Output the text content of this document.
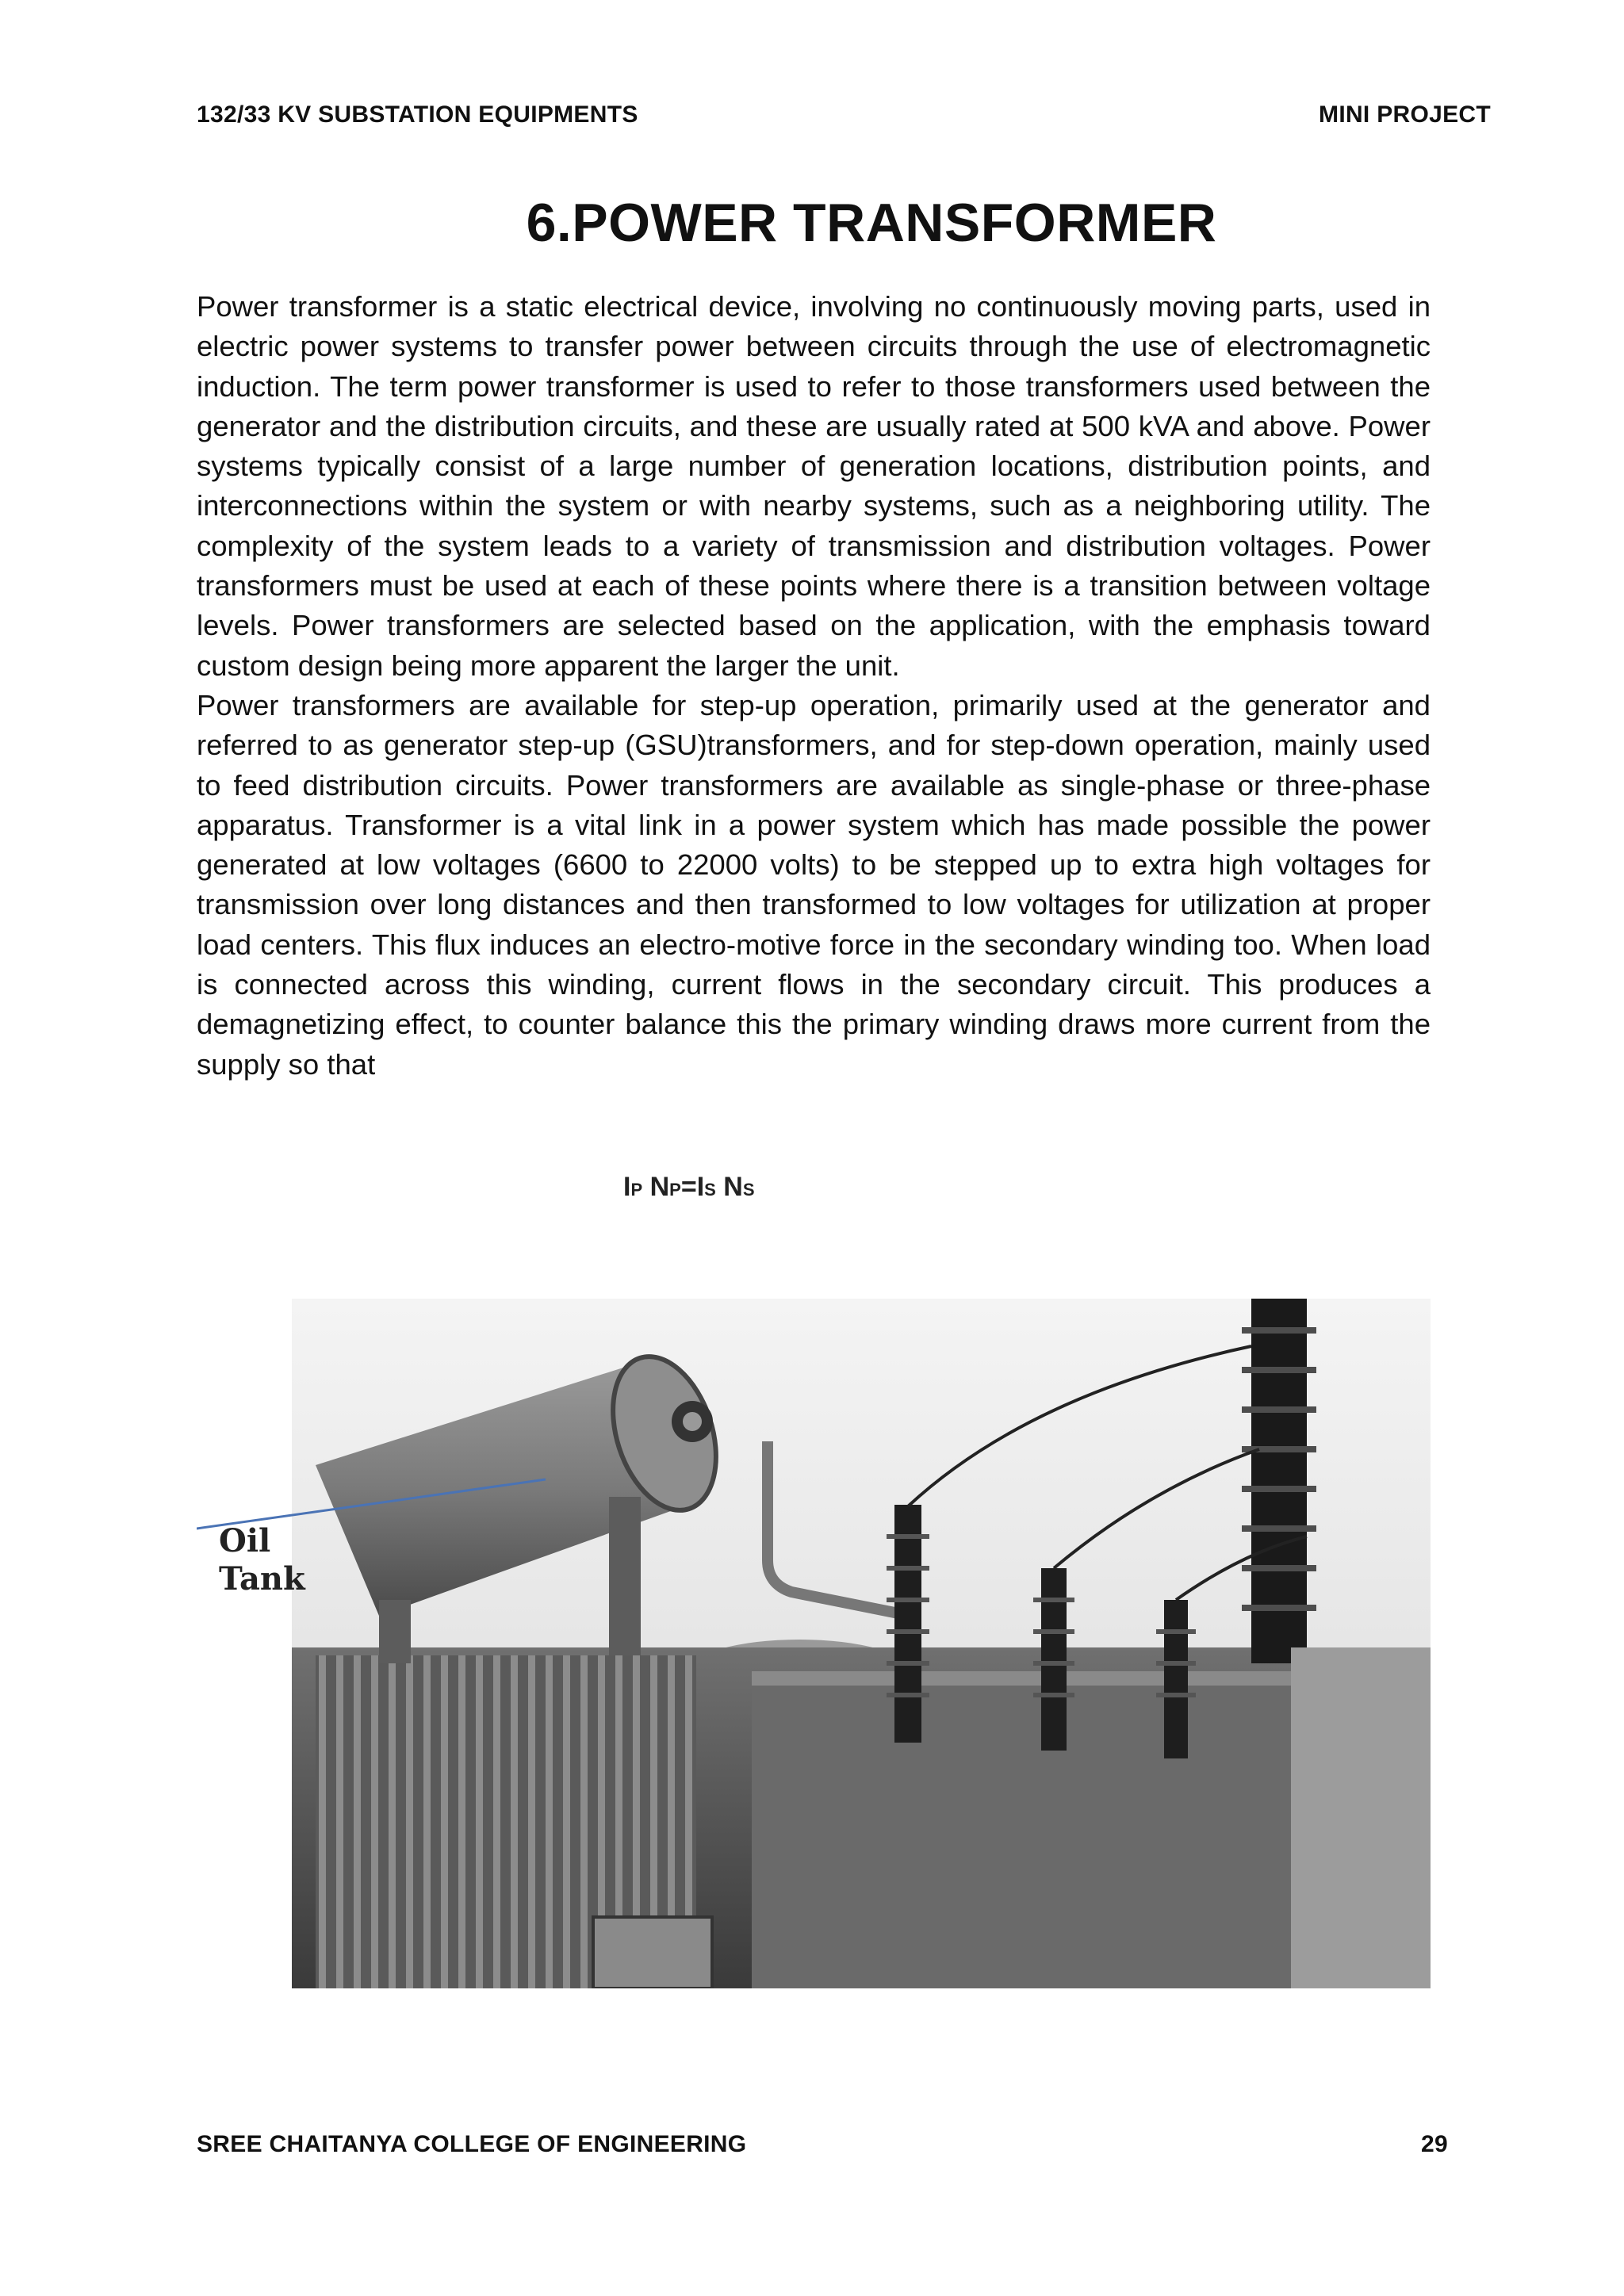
132/33 KV SUBSTATION EQUIPMENTS	MINI PROJECT
6.POWER TRANSFORMER

Power transformer is a static electrical device, involving no continuously moving parts, used in electric power systems to transfer power between circuits through the use of electromagnetic induction. The term power transformer is used to refer to those transformers used between the generator and the distribution circuits, and these are usually rated at 500 kVA and above. Power systems typically consist of a large number of generation locations, distribution points, and interconnections within the system or with nearby systems, such as a neighboring utility. The complexity of the system leads to a variety of transmission and distribution voltages. Power transformers must be used at each of these points where there is a transition between voltage levels. Power transformers are selected based on the application, with the emphasis toward custom design being more apparent the larger the unit.

Power transformers are available for step-up operation, primarily used at the generator and referred to as generator step-up (GSU)transformers, and for step-down operation, mainly used to feed distribution circuits. Power transformers are available as single-phase or three-phase apparatus. Transformer is a vital link in a power system which has made possible the power generated at low voltages (6600 to 22000 volts) to be stepped up to extra high voltages for transmission over long distances and then transformed to low voltages for utilization at proper load centers. This flux induces an electro-motive force in the secondary winding too. When load is connected across this winding, current flows in the secondary circuit. This produces a demagnetizing effect, to counter balance this the primary winding draws more current from the supply so that

IP NP=IS NS
Oil
Tank
SREE CHAITANYA COLLEGE OF ENGINEERING	29
